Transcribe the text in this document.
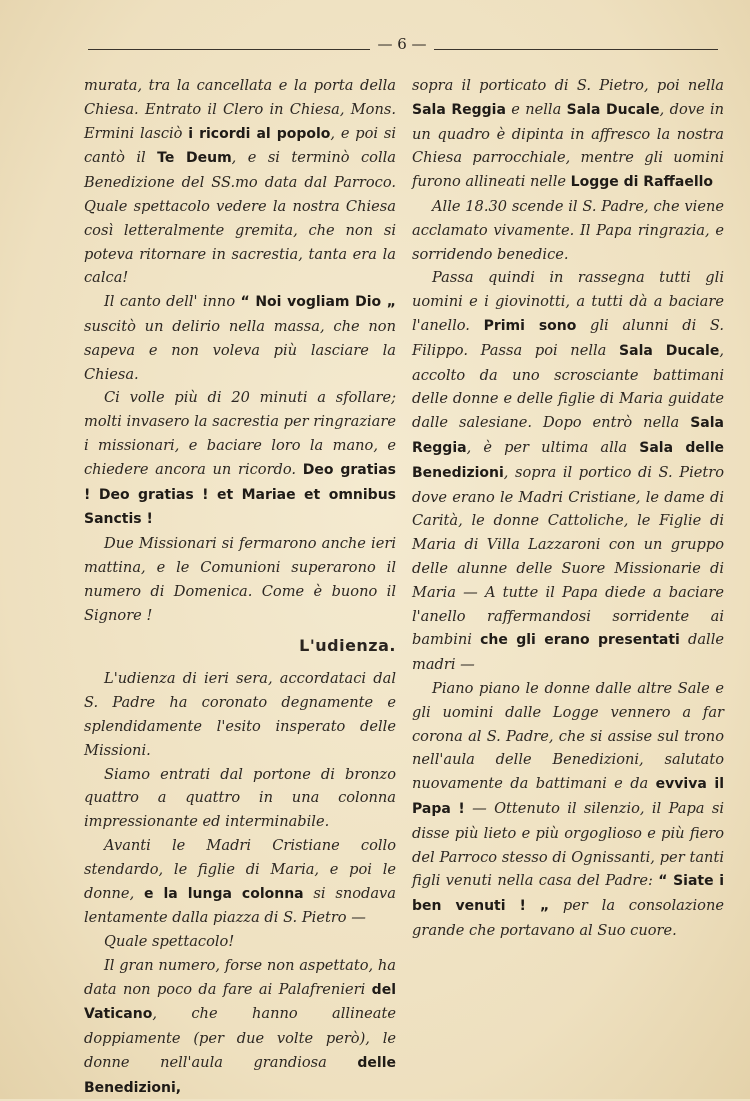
— 6 —

murata, tra la cancellata e la porta della Chiesa. Entrato il Clero in Chiesa, Mons. Ermini lasciò i ricordi al popolo, e poi si cantò il Te Deum, e si terminò colla Benedizione del SS.mo data dal Parroco. Quale spettacolo vedere la nostra Chiesa così letteralmente gremita, che non si poteva ritornare in sacrestia, tanta era la calca!

Il canto dell' inno “ Noi vogliam Dio „ suscitò un delirio nella massa, che non sapeva e non voleva più lasciare la Chiesa.

Ci volle più di 20 minuti a sfollare; molti invasero la sacrestia per ringraziare i missionari, e baciare loro la mano, e chiedere ancora un ricordo. Deo gratias ! Deo gratias ! et Mariae et omnibus Sanctis !

Due Missionari si fermarono anche ieri mattina, e le Comunioni superarono il numero di Domenica. Come è buono il Signore !

L'udienza.

L'udienza di ieri sera, accordataci dal S. Padre ha coronato degnamente e splendidamente l'esito insperato delle Missioni.

Siamo entrati dal portone di bronzo quattro a quattro in una colonna impressionante ed interminabile.

Avanti le Madri Cristiane collo stendardo, le figlie di Maria, e poi le donne, e la lunga colonna si snodava lentamente dalla piazza di S. Pietro —

Quale spettacolo!

Il gran numero, forse non aspettato, ha data non poco da fare ai Palafrenieri del Vaticano, che hanno allineate doppiamente (per due volte però), le donne nell'aula grandiosa delle Benedizioni,

sopra il porticato di S. Pietro, poi nella Sala Reggia e nella Sala Ducale, dove in un quadro è dipinta in affresco la nostra Chiesa parrocchiale, mentre gli uomini furono allineati nelle Logge di Raffaello

Alle 18.30 scende il S. Padre, che viene acclamato vivamente. Il Papa ringrazia, e sorridendo benedice.

Passa quindi in rassegna tutti gli uomini e i giovinotti, a tutti dà a baciare l'anello. Primi sono gli alunni di S. Filippo. Passa poi nella Sala Ducale, accolto da uno scrosciante battimani delle donne e delle figlie di Maria guidate dalle salesiane. Dopo entrò nella Sala Reggia, è per ultima alla Sala delle Benedizioni, sopra il portico di S. Pietro dove erano le Madri Cristiane, le dame di Carità, le donne Cattoliche, le Figlie di Maria di Villa Lazzaroni con un gruppo delle alunne delle Suore Missionarie di Maria — A tutte il Papa diede a baciare l'anello raffermandosi sorridente ai bambini che gli erano presentati dalle madri —

Piano piano le donne dalle altre Sale e gli uomini dalle Logge vennero a far corona al S. Padre, che si assise sul trono nell'aula delle Benedizioni, salutato nuovamente da battimani e da evviva il Papa ! — Ottenuto il silenzio, il Papa si disse più lieto e più orgoglioso e più fiero del Parroco stesso di Ognissanti, per tanti figli venuti nella casa del Padre: “ Siate i ben venuti ! „ per la consolazione grande che portavano al Suo cuore.
